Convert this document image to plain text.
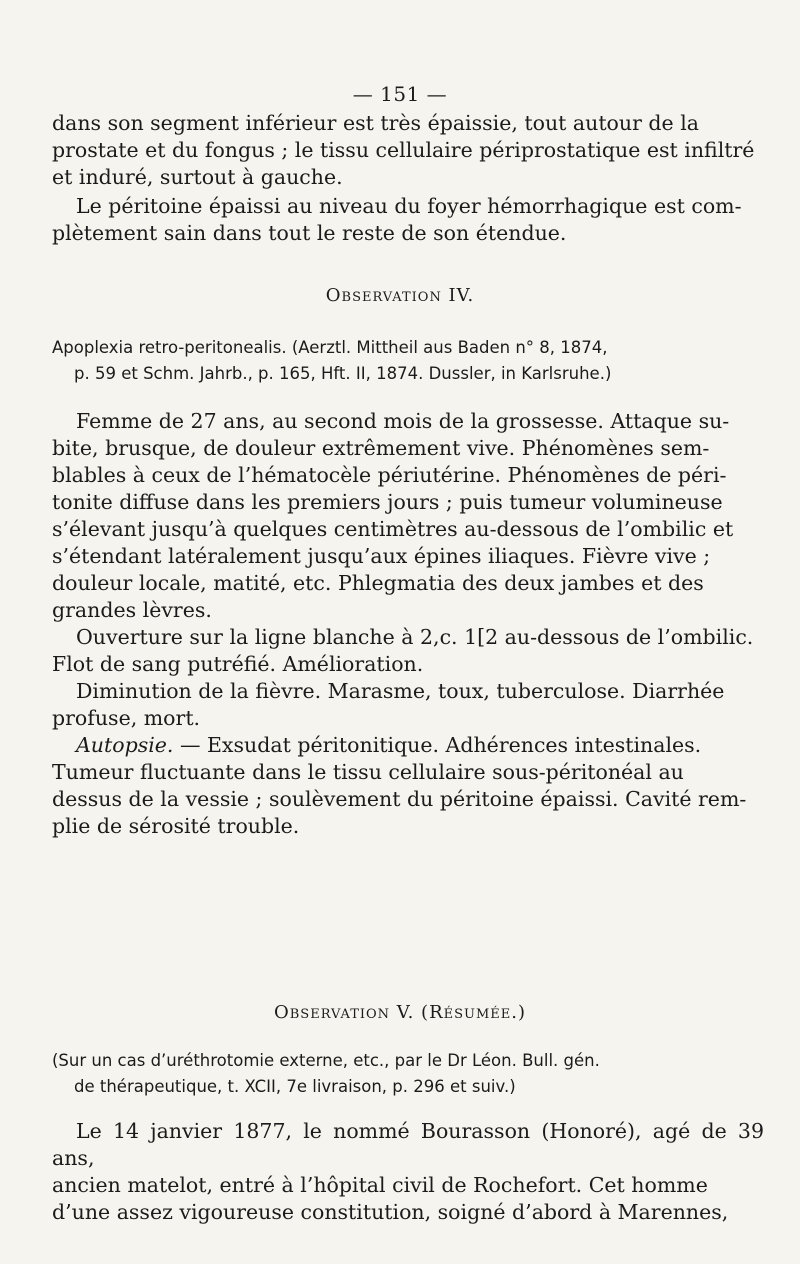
— 151 —

dans son segment inférieur est très épaissie, tout autour de la

prostate et du fongus ; le tissu cellulaire périprostatique est infiltré

et induré, surtout à gauche.

Le péritoine épaissi au niveau du foyer hémorrhagique est com-

plètement sain dans tout le reste de son étendue.

Observation IV.
Apoplexia retro-peritonealis. (Aerztl. Mittheil aus Baden n° 8, 1874,
p. 59 et Schm. Jahrb., p. 165, Hft. II, 1874. Dussler, in Karlsruhe.)

Femme de 27 ans, au second mois de la grossesse. Attaque su-

bite, brusque, de douleur extrêmement vive. Phénomènes sem-

blables à ceux de l’hématocèle périutérine. Phénomènes de péri-

tonite diffuse dans les premiers jours ; puis tumeur volumineuse

s’élevant jusqu’à quelques centimètres au-dessous de l’ombilic et

s’étendant latéralement jusqu’aux épines iliaques. Fièvre vive ;

douleur locale, matité, etc. Phlegmatia des deux jambes et des

grandes lèvres.

Ouverture sur la ligne blanche à 2,c. 1[2 au-dessous de l’ombilic.

Flot de sang putréfié. Amélioration.

Diminution de la fièvre. Marasme, toux, tuberculose. Diarrhée

profuse, mort.

Autopsie. — Exsudat péritonitique. Adhérences intestinales.

Tumeur fluctuante dans le tissu cellulaire sous-péritonéal au

dessus de la vessie ; soulèvement du péritoine épaissi. Cavité rem-

plie de sérosité trouble.

Observation V. (Résumée.)
(Sur un cas d’uréthrotomie externe, etc., par le Dr Léon. Bull. gén.
de thérapeutique, t. XCII, 7e livraison, p. 296 et suiv.)

Le 14 janvier 1877, le nommé Bourasson (Honoré), agé de 39 ans,

ancien matelot, entré à l’hôpital civil de Rochefort. Cet homme

d’une assez vigoureuse constitution, soigné d’abord à Marennes,
